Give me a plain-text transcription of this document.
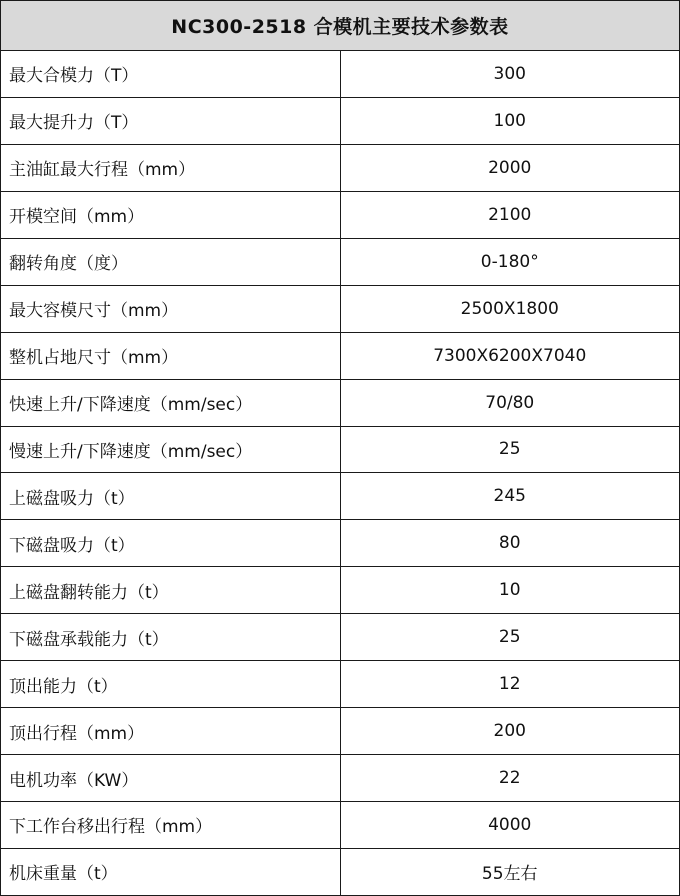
NC300-2518 合模机主要技术参数表	
最大合模力（T）	300
最大提升力（T）	100
主油缸最大行程（mm）	2000
开模空间（mm）	2100
翻转角度（度）	0-180°
最大容模尺寸（mm）	2500X1800
整机占地尺寸（mm）	7300X6200X7040
快速上升/下降速度（mm/sec）	70/80
慢速上升/下降速度（mm/sec）	25
上磁盘吸力（t）	245
下磁盘吸力（t）	80
上磁盘翻转能力（t）	10
下磁盘承载能力（t）	25
顶出能力（t）	12
顶出行程（mm）	200
电机功率（KW）	22
下工作台移出行程（mm）	4000
机床重量（t）	55左右
